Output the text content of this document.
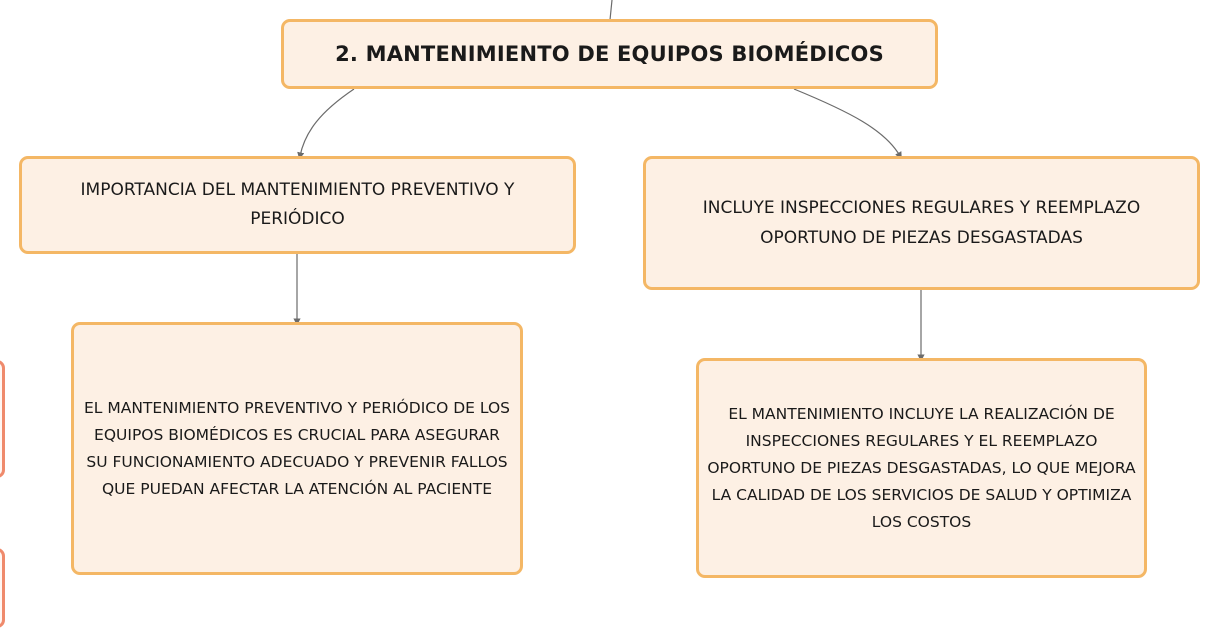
2. MANTENIMIENTO DE EQUIPOS BIOMÉDICOS
IMPORTANCIA DEL MANTENIMIENTO PREVENTIVO Y PERIÓDICO
INCLUYE INSPECCIONES REGULARES Y REEMPLAZO OPORTUNO DE PIEZAS DESGASTADAS
EL MANTENIMIENTO PREVENTIVO Y PERIÓDICO DE LOS EQUIPOS BIOMÉDICOS ES CRUCIAL PARA ASEGURAR SU FUNCIONAMIENTO ADECUADO Y PREVENIR FALLOS QUE PUEDAN AFECTAR LA ATENCIÓN AL PACIENTE
EL MANTENIMIENTO INCLUYE LA REALIZACIÓN DE INSPECCIONES REGULARES Y EL REEMPLAZO OPORTUNO DE PIEZAS DESGASTADAS, LO QUE MEJORA LA CALIDAD DE LOS SERVICIOS DE SALUD Y OPTIMIZA LOS COSTOS
